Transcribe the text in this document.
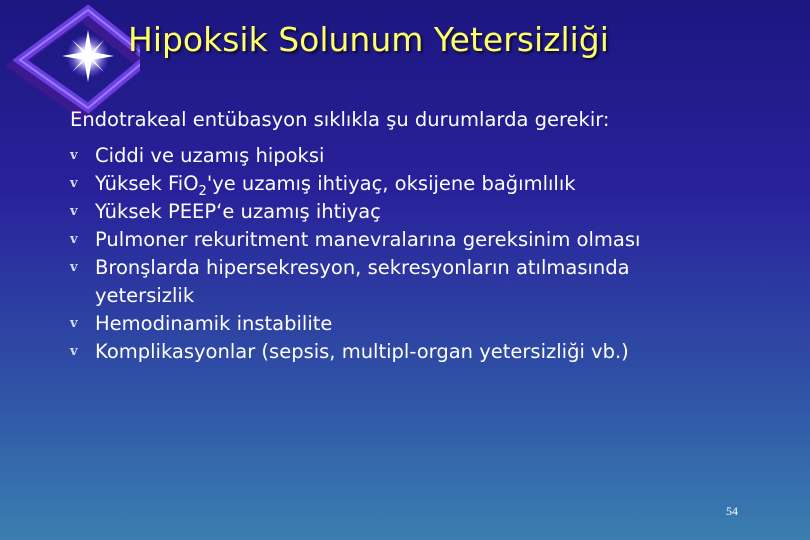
Hipoksik Solunum Yetersizliği
Endotrakeal entübasyon sıklıkla şu durumlarda gerekir:
v Ciddi ve uzamış hipoksi
v Yüksek FiO$_2$'ye uzamış ihtiyaç, oksijene bağımlılık
v Yüksek PEEP‘e uzamış ihtiyaç
v Pulmoner rekuritment manevralarına gereksinim olması
v Bronşlarda hipersekresyon, sekresyonların atılmasında yetersizlik
v Hemodinamik instabilite
v Komplikasyonlar (sepsis, multipl-organ yetersizliği vb.)
54
